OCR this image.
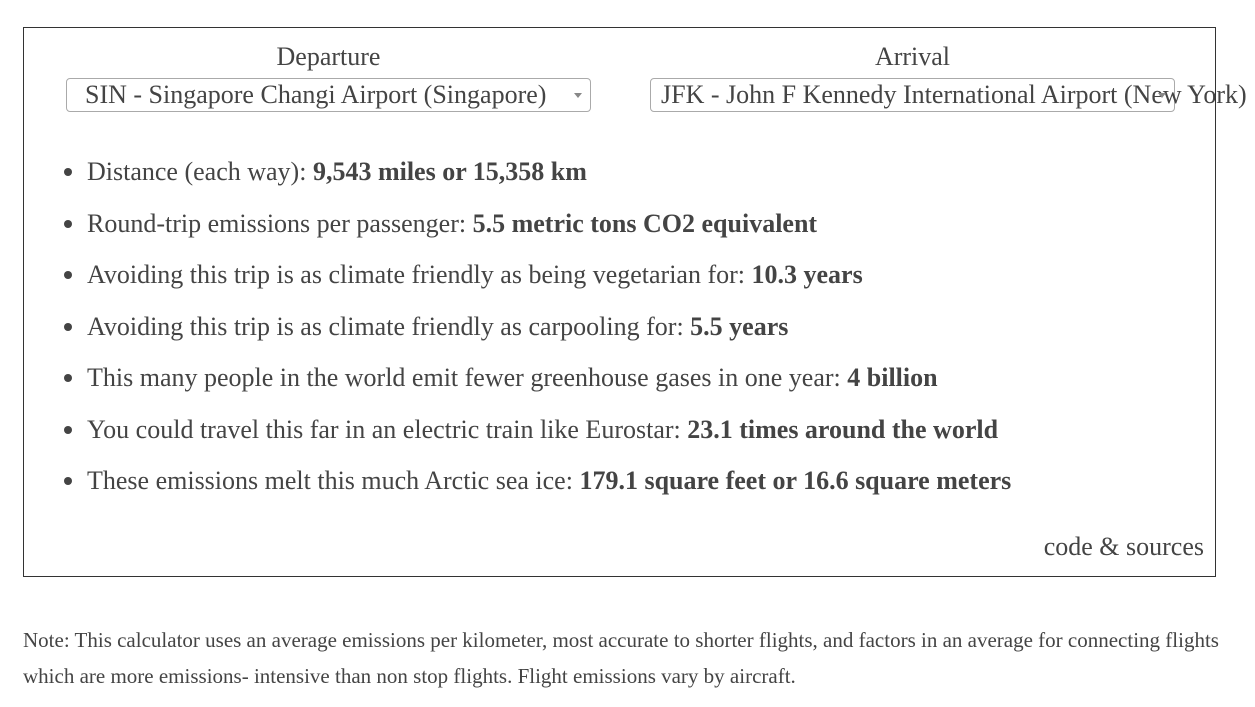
Departure
SIN - Singapore Changi Airport (Singapore)
Arrival
JFK - John F Kennedy International Airport (New York)
Distance (each way): 9,543 miles or 15,358 km
Round-trip emissions per passenger: 5.5 metric tons CO2 equivalent
Avoiding this trip is as climate friendly as being vegetarian for: 10.3 years
Avoiding this trip is as climate friendly as carpooling for: 5.5 years
This many people in the world emit fewer greenhouse gases in one year: 4 billion
You could travel this far in an electric train like Eurostar: 23.1 times around the world
These emissions melt this much Arctic sea ice: 179.1 square feet or 16.6 square meters
code & sources

Note: This calculator uses an average emissions per kilometer, most accurate to shorter flights, and factors in an average for connecting flights which are more emissions- intensive than non stop flights. Flight emissions vary by aircraft.
